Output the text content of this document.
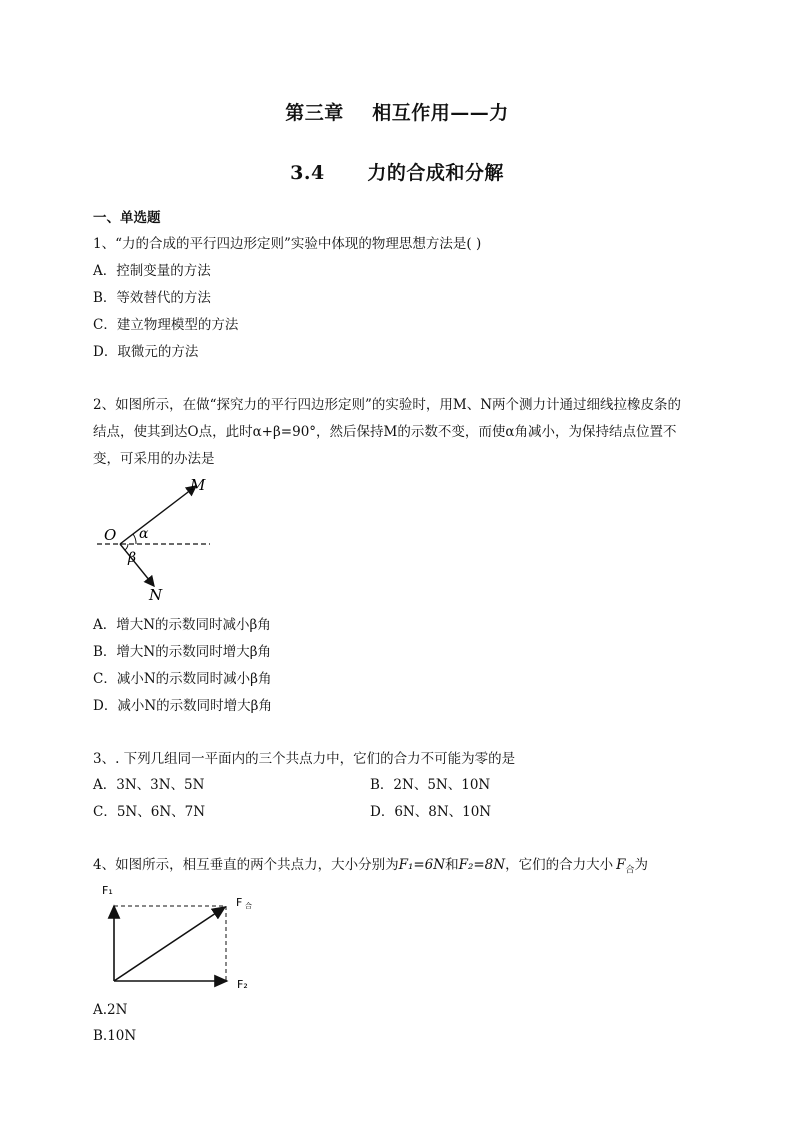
第三章    相互作用——力
3.4      力的合成和分解
一、单选题
1、“力的合成的平行四边形定则”实验中体现的物理思想方法是( )
A．控制变量的方法
B．等效替代的方法
C．建立物理模型的方法
D．取微元的方法
2、如图所示，在做“探究力的平行四边形定则”的实验时，用M、N两个测力计通过细线拉橡皮条的
结点，使其到达O点，此时α+β=90°，然后保持M的示数不变，而使α角减小，为保持结点位置不
变，可采用的办法是
M
O α
β
N
A．增大N的示数同时减小β角
B．增大N的示数同时增大β角
C．减小N的示数同时减小β角
D．减小N的示数同时增大β角
3、. 下列几组同一平面内的三个共点力中，它们的合力不可能为零的是
A．3N、3N、5N	B．2N、5N、10N
C．5N、6N、7N	D．6N、8N、10N
4、如图所示，相互垂直的两个共点力，大小分别为F₁=6N和F₂=8N，它们的合力大小 $F_合$为
F₁
F 合
F₂
A.2N
B.10N
